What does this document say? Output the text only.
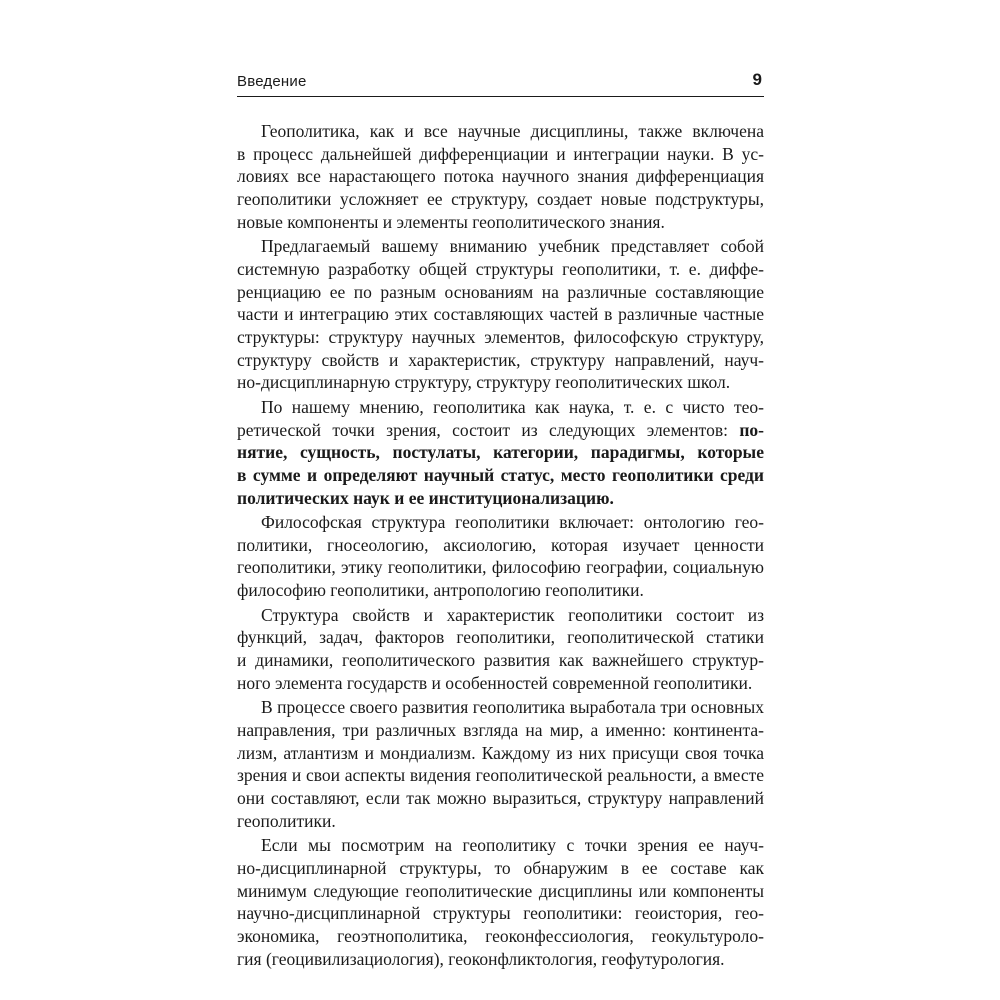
Введение	9
Геополитика, как и все научные дисциплины, также включена
в процесс дальнейшей дифференциации и интеграции науки. В ус-
ловиях все нарастающего потока научного знания дифференциация
геополитики усложняет ее структуру, создает новые подструктуры,
новые компоненты и элементы геополитического знания.
Предлагаемый вашему вниманию учебник представляет собой
системную разработку общей структуры геополитики, т. е. диффе-
ренциацию ее по разным основаниям на различные составляющие
части и интеграцию этих составляющих частей в различные частные
структуры: структуру научных элементов, философскую структуру,
структуру свойств и характеристик, структуру направлений, науч-
но-дисциплинарную структуру, структуру геополитических школ.
По нашему мнению, геополитика как наука, т. е. с чисто тео-
ретической точки зрения, состоит из следующих элементов: по-
нятие, сущность, постулаты, категории, парадигмы, которые
в сумме и определяют научный статус, место геополитики среди
политических наук и ее институционализацию.
Философская структура геополитики включает: онтологию гео-
политики, гносеологию, аксиологию, которая изучает ценности
геополитики, этику геополитики, философию географии, социальную
философию геополитики, антропологию геополитики.
Структура свойств и характеристик геополитики состоит из
функций, задач, факторов геополитики, геополитической статики
и динамики, геополитического развития как важнейшего структур-
ного элемента государств и особенностей современной геополитики.
В процессе своего развития геополитика выработала три основных
направления, три различных взгляда на мир, а именно: континента-
лизм, атлантизм и мондиализм. Каждому из них присущи своя точка
зрения и свои аспекты видения геополитической реальности, а вместе
они составляют, если так можно выразиться, структуру направлений
геополитики.
Если мы посмотрим на геополитику с точки зрения ее науч-
но-дисциплинарной структуры, то обнаружим в ее составе как
минимум следующие геополитические дисциплины или компоненты
научно-дисциплинарной структуры геополитики: геоистория, гео-
экономика, геоэтнополитика, геоконфессиология, геокультуроло-
гия (геоцивилизациология), геоконфликтология, геофутурология.
